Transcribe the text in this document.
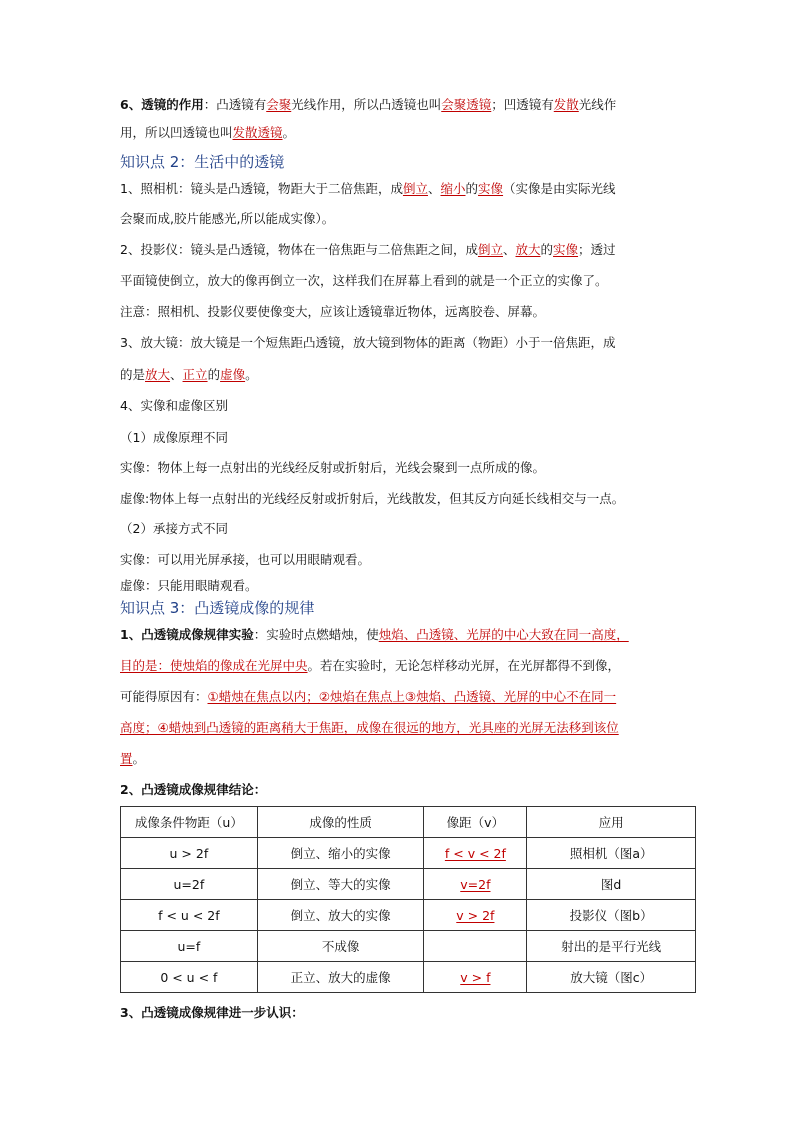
6、透镜的作用：凸透镜有会聚光线作用，所以凸透镜也叫会聚透镜；凹透镜有发散光线作
用，所以凹透镜也叫发散透镜。
知识点 2：生活中的透镜
1、照相机：镜头是凸透镜，物距大于二倍焦距，成倒立、缩小的实像（实像是由实际光线
会聚而成,胶片能感光,所以能成实像）。
2、投影仪：镜头是凸透镜，物体在一倍焦距与二倍焦距之间，成倒立、放大的实像；透过
平面镜使倒立，放大的像再倒立一次，这样我们在屏幕上看到的就是一个正立的实像了。
注意：照相机、投影仪要使像变大，应该让透镜靠近物体，远离胶卷、屏幕。
3、放大镜：放大镜是一个短焦距凸透镜，放大镜到物体的距离（物距）小于一倍焦距，成
的是放大、正立的虚像。
4、实像和虚像区别
（1）成像原理不同
实像：物体上每一点射出的光线经反射或折射后，光线会聚到一点所成的像。
虚像:物体上每一点射出的光线经反射或折射后，光线散发，但其反方向延长线相交与一点。
（2）承接方式不同
实像：可以用光屏承接，也可以用眼睛观看。
虚像：只能用眼睛观看。
知识点 3：凸透镜成像的规律
1、凸透镜成像规律实验：实验时点燃蜡烛，使烛焰、凸透镜、光屏的中心大致在同一高度，
目的是：使烛焰的像成在光屏中央。若在实验时，无论怎样移动光屏，在光屏都得不到像，
可能得原因有：①蜡烛在焦点以内；②烛焰在焦点上③烛焰、凸透镜、光屏的中心不在同一
高度；④蜡烛到凸透镜的距离稍大于焦距，成像在很远的地方，光具座的光屏无法移到该位
置。
2、凸透镜成像规律结论：
成像条件物距（u）	成像的性质	像距（v）	应用
u > 2f	倒立、缩小的实像	f < v < 2f	照相机（图a）
u=2f	倒立、等大的实像	v=2f	图d
f < u < 2f	倒立、放大的实像	v > 2f	投影仪（图b）
u=f	不成像		射出的是平行光线
0 < u < f	正立、放大的虚像	v > f	放大镜（图c）
3、凸透镜成像规律进一步认识：
